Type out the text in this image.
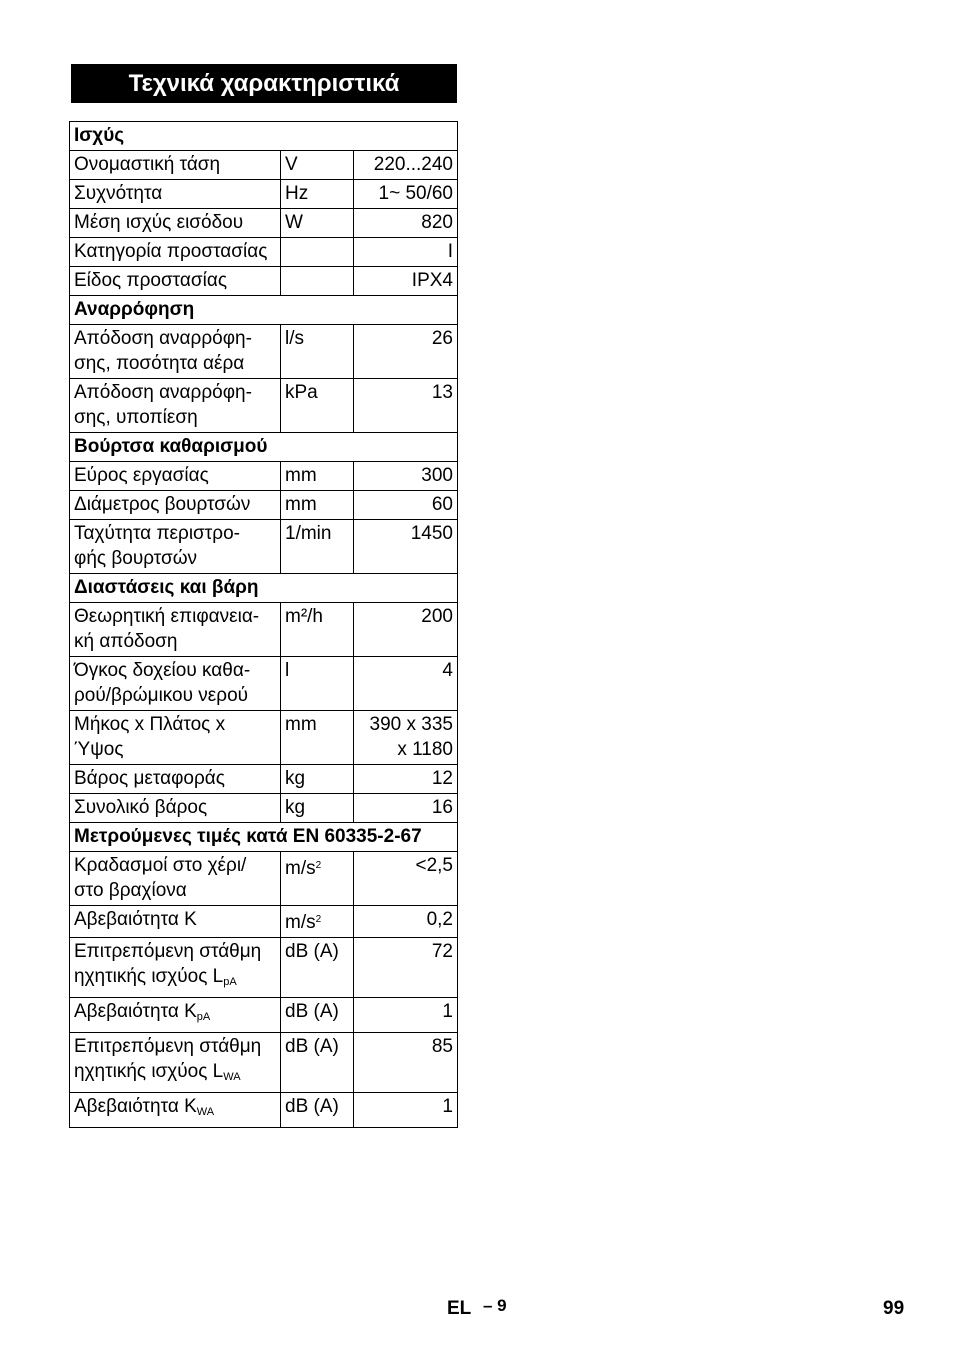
Τεχνικά χαρακτηριστικά
Ισχύς		
Ονομαστική τάση	V	220...240
Συχνότητα	Hz	1~ 50/60
Μέση ισχύς εισόδου	W	820
Κατηγορία προστασίας		I
Είδος προστασίας		IPX4
Αναρρόφηση		
Απόδοση αναρρόφη-
σης, ποσότητα αέρα	l/s	26
Απόδοση αναρρόφη-
σης, υποπίεση	kPa	13
Βούρτσα καθαρισμού		
Εύρος εργασίας	mm	300
Διάμετρος βουρτσών	mm	60
Ταχύτητα περιστρο-
φής βουρτσών	1/min	1450
Διαστάσεις και βάρη		
Θεωρητική επιφανεια-
κή απόδοση	m²/h	200
Όγκος δοχείου καθα-
ρού/βρώμικου νερού	l	4
Μήκος x Πλάτος x
Ύψος	mm	390 x 335
x 1180
Βάρος μεταφοράς	kg	12
Συνολικό βάρος	kg	16
Μετρούμενες τιμές κατά EN 60335-2-67		
Κραδασμοί στο χέρι/
στο βραχίονα	$m/s^2$	<2,5
Αβεβαιότητα K	$m/s^2$	0,2
Επιτρεπόμενη στάθμη
ηχητικής ισχύος $L_{pA}$	dB (A)	72
Αβεβαιότητα $K_{pA}$	dB (A)	1
Επιτρεπόμενη στάθμη
ηχητικής ισχύος $L_{WA}$	dB (A)	85
Αβεβαιότητα $K_{WA}$	dB (A)	1
EL – 9	99
